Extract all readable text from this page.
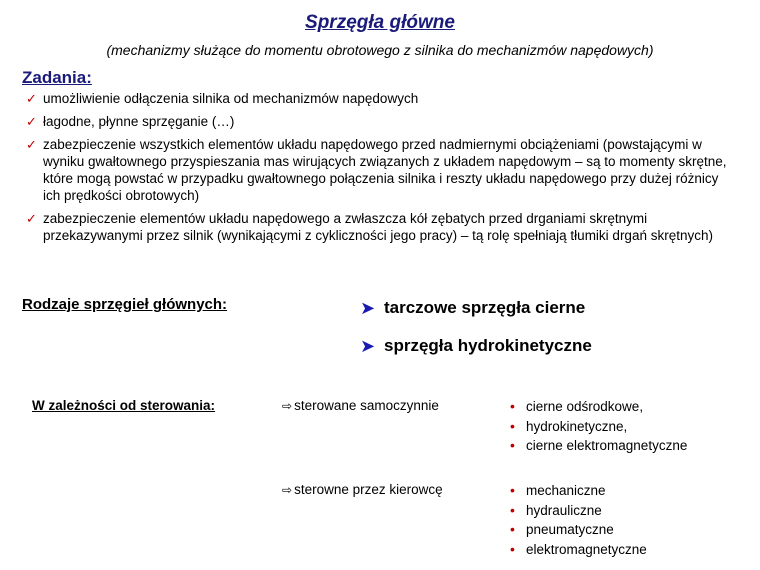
Sprzęgła główne
(mechanizmy służące do momentu obrotowego z silnika do mechanizmów napędowych)
Zadania:
✓ umożliwienie odłączenia silnika od mechanizmów napędowych
✓ łagodne, płynne sprzęganie (…)
✓ zabezpieczenie wszystkich elementów układu napędowego przed nadmiernymi obciążeniami (powstającymi w wyniku gwałtownego przyspieszania mas wirujących związanych z układem napędowym – są to momenty skrętne, które mogą powstać w przypadku gwałtownego połączenia silnika i reszty układu napędowego przy dużej różnicy ich prędkości obrotowych)
✓ zabezpieczenie elementów układu napędowego a zwłaszcza kół zębatych przed drganiami skrętnymi przekazywanymi przez silnik (wynikającymi z cykliczności jego pracy) – tą rolę spełniają tłumiki drgań skrętnych)
Rodzaje sprzęgieł głównych:	➤ tarczowe sprzęgła cierne
➤ sprzęgła hydrokinetyczne
W zależności od sterowania:	⇨ sterowane samoczynnie	• cierne odśrodkowe,
• hydrokinetyczne,
• cierne elektromagnetyczne
⇨ sterowne przez kierowcę	• mechaniczne
• hydrauliczne
• pneumatyczne
• elektromagnetyczne
